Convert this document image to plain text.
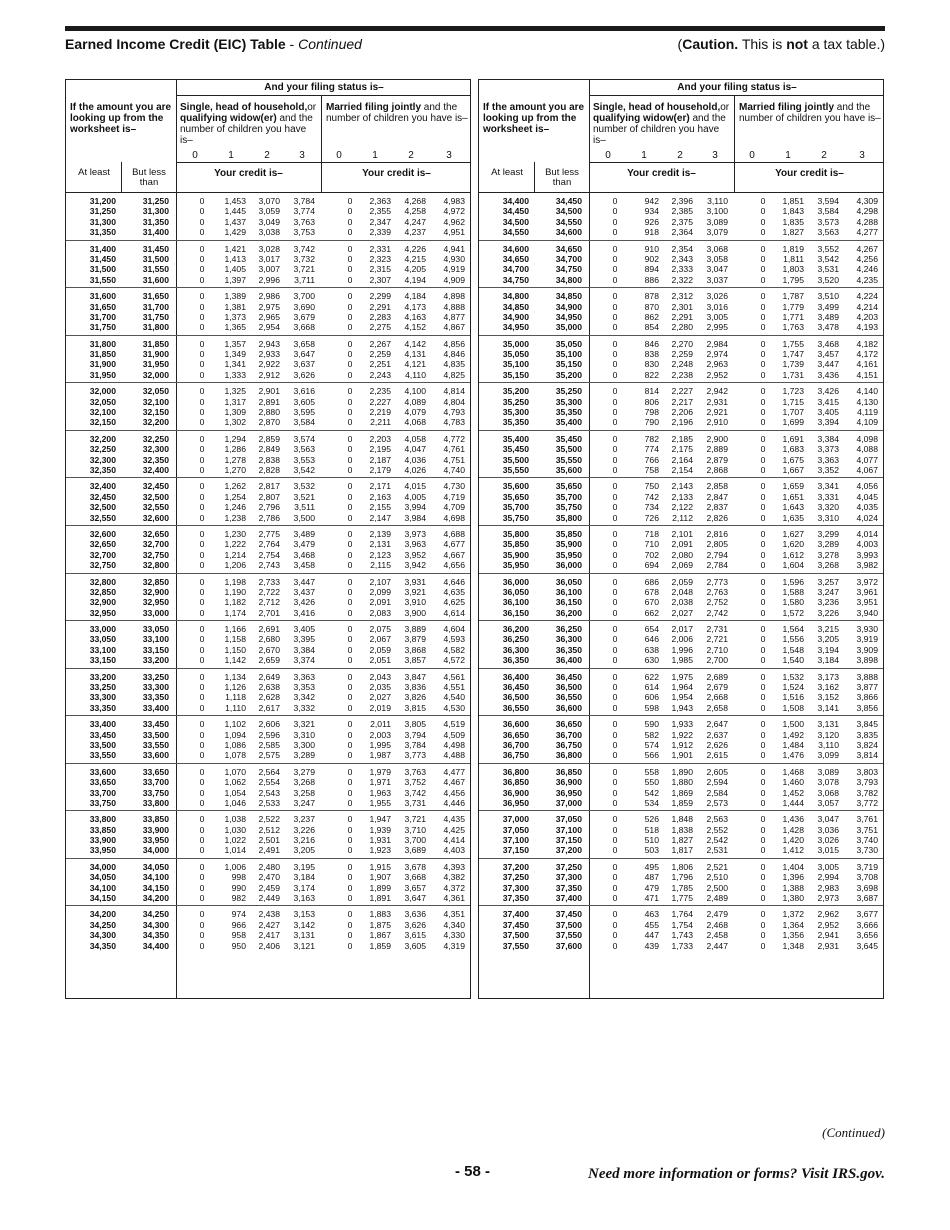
Earned Income Credit (EIC) Table - Continued	(Caution. This is not a tax table.)
And your filing status is–
If the amount you are looking up from the worksheet is–
Single, head of household,or qualifying widow(er) and the number of children you have is–
Married filing jointly and the number of children you have is–
0	1	2	3	0	1	2	3
At least	But less than
Your credit is–	Your credit is–
31,200	31,250	0	1,453	3,070	3,784	0	2,363	4,268	4,983
31,250	31,300	0	1,445	3,059	3,774	0	2,355	4,258	4,972
31,300	31,350	0	1,437	3,049	3,763	0	2,347	4,247	4,962
31,350	31,400	0	1,429	3,038	3,753	0	2,339	4,237	4,951
31,400	31,450	0	1,421	3,028	3,742	0	2,331	4,226	4,941
31,450	31,500	0	1,413	3,017	3,732	0	2,323	4,215	4,930
31,500	31,550	0	1,405	3,007	3,721	0	2,315	4,205	4,919
31,550	31,600	0	1,397	2,996	3,711	0	2,307	4,194	4,909
31,600	31,650	0	1,389	2,986	3,700	0	2,299	4,184	4,898
31,650	31,700	0	1,381	2,975	3,690	0	2,291	4,173	4,888
31,700	31,750	0	1,373	2,965	3,679	0	2,283	4,163	4,877
31,750	31,800	0	1,365	2,954	3,668	0	2,275	4,152	4,867
31,800	31,850	0	1,357	2,943	3,658	0	2,267	4,142	4,856
31,850	31,900	0	1,349	2,933	3,647	0	2,259	4,131	4,846
31,900	31,950	0	1,341	2,922	3,637	0	2,251	4,121	4,835
31,950	32,000	0	1,333	2,912	3,626	0	2,243	4,110	4,825
32,000	32,050	0	1,325	2,901	3,616	0	2,235	4,100	4,814
32,050	32,100	0	1,317	2,891	3,605	0	2,227	4,089	4,804
32,100	32,150	0	1,309	2,880	3,595	0	2,219	4,079	4,793
32,150	32,200	0	1,302	2,870	3,584	0	2,211	4,068	4,783
32,200	32,250	0	1,294	2,859	3,574	0	2,203	4,058	4,772
32,250	32,300	0	1,286	2,849	3,563	0	2,195	4,047	4,761
32,300	32,350	0	1,278	2,838	3,553	0	2,187	4,036	4,751
32,350	32,400	0	1,270	2,828	3,542	0	2,179	4,026	4,740
32,400	32,450	0	1,262	2,817	3,532	0	2,171	4,015	4,730
32,450	32,500	0	1,254	2,807	3,521	0	2,163	4,005	4,719
32,500	32,550	0	1,246	2,796	3,511	0	2,155	3,994	4,709
32,550	32,600	0	1,238	2,786	3,500	0	2,147	3,984	4,698
32,600	32,650	0	1,230	2,775	3,489	0	2,139	3,973	4,688
32,650	32,700	0	1,222	2,764	3,479	0	2,131	3,963	4,677
32,700	32,750	0	1,214	2,754	3,468	0	2,123	3,952	4,667
32,750	32,800	0	1,206	2,743	3,458	0	2,115	3,942	4,656
32,800	32,850	0	1,198	2,733	3,447	0	2,107	3,931	4,646
32,850	32,900	0	1,190	2,722	3,437	0	2,099	3,921	4,635
32,900	32,950	0	1,182	2,712	3,426	0	2,091	3,910	4,625
32,950	33,000	0	1,174	2,701	3,416	0	2,083	3,900	4,614
33,000	33,050	0	1,166	2,691	3,405	0	2,075	3,889	4,604
33,050	33,100	0	1,158	2,680	3,395	0	2,067	3,879	4,593
33,100	33,150	0	1,150	2,670	3,384	0	2,059	3,868	4,582
33,150	33,200	0	1,142	2,659	3,374	0	2,051	3,857	4,572
33,200	33,250	0	1,134	2,649	3,363	0	2,043	3,847	4,561
33,250	33,300	0	1,126	2,638	3,353	0	2,035	3,836	4,551
33,300	33,350	0	1,118	2,628	3,342	0	2,027	3,826	4,540
33,350	33,400	0	1,110	2,617	3,332	0	2,019	3,815	4,530
33,400	33,450	0	1,102	2,606	3,321	0	2,011	3,805	4,519
33,450	33,500	0	1,094	2,596	3,310	0	2,003	3,794	4,509
33,500	33,550	0	1,086	2,585	3,300	0	1,995	3,784	4,498
33,550	33,600	0	1,078	2,575	3,289	0	1,987	3,773	4,488
33,600	33,650	0	1,070	2,564	3,279	0	1,979	3,763	4,477
33,650	33,700	0	1,062	2,554	3,268	0	1,971	3,752	4,467
33,700	33,750	0	1,054	2,543	3,258	0	1,963	3,742	4,456
33,750	33,800	0	1,046	2,533	3,247	0	1,955	3,731	4,446
33,800	33,850	0	1,038	2,522	3,237	0	1,947	3,721	4,435
33,850	33,900	0	1,030	2,512	3,226	0	1,939	3,710	4,425
33,900	33,950	0	1,022	2,501	3,216	0	1,931	3,700	4,414
33,950	34,000	0	1,014	2,491	3,205	0	1,923	3,689	4,403
34,000	34,050	0	1,006	2,480	3,195	0	1,915	3,678	4,393
34,050	34,100	0	998	2,470	3,184	0	1,907	3,668	4,382
34,100	34,150	0	990	2,459	3,174	0	1,899	3,657	4,372
34,150	34,200	0	982	2,449	3,163	0	1,891	3,647	4,361
34,200	34,250	0	974	2,438	3,153	0	1,883	3,636	4,351
34,250	34,300	0	966	2,427	3,142	0	1,875	3,626	4,340
34,300	34,350	0	958	2,417	3,131	0	1,867	3,615	4,330
34,350	34,400	0	950	2,406	3,121	0	1,859	3,605	4,319
And your filing status is–
If the amount you are looking up from the worksheet is–
Single, head of household,or qualifying widow(er) and the number of children you have is–
Married filing jointly and the number of children you have is–
0	1	2	3	0	1	2	3
At least	But less than
Your credit is–	Your credit is–
34,400	34,450	0	942	2,396	3,110	0	1,851	3,594	4,309
34,450	34,500	0	934	2,385	3,100	0	1,843	3,584	4,298
34,500	34,550	0	926	2,375	3,089	0	1,835	3,573	4,288
34,550	34,600	0	918	2,364	3,079	0	1,827	3,563	4,277
34,600	34,650	0	910	2,354	3,068	0	1,819	3,552	4,267
34,650	34,700	0	902	2,343	3,058	0	1,811	3,542	4,256
34,700	34,750	0	894	2,333	3,047	0	1,803	3,531	4,246
34,750	34,800	0	886	2,322	3,037	0	1,795	3,520	4,235
34,800	34,850	0	878	2,312	3,026	0	1,787	3,510	4,224
34,850	34,900	0	870	2,301	3,016	0	1,779	3,499	4,214
34,900	34,950	0	862	2,291	3,005	0	1,771	3,489	4,203
34,950	35,000	0	854	2,280	2,995	0	1,763	3,478	4,193
35,000	35,050	0	846	2,270	2,984	0	1,755	3,468	4,182
35,050	35,100	0	838	2,259	2,974	0	1,747	3,457	4,172
35,100	35,150	0	830	2,248	2,963	0	1,739	3,447	4,161
35,150	35,200	0	822	2,238	2,952	0	1,731	3,436	4,151
35,200	35,250	0	814	2,227	2,942	0	1,723	3,426	4,140
35,250	35,300	0	806	2,217	2,931	0	1,715	3,415	4,130
35,300	35,350	0	798	2,206	2,921	0	1,707	3,405	4,119
35,350	35,400	0	790	2,196	2,910	0	1,699	3,394	4,109
35,400	35,450	0	782	2,185	2,900	0	1,691	3,384	4,098
35,450	35,500	0	774	2,175	2,889	0	1,683	3,373	4,088
35,500	35,550	0	766	2,164	2,879	0	1,675	3,363	4,077
35,550	35,600	0	758	2,154	2,868	0	1,667	3,352	4,067
35,600	35,650	0	750	2,143	2,858	0	1,659	3,341	4,056
35,650	35,700	0	742	2,133	2,847	0	1,651	3,331	4,045
35,700	35,750	0	734	2,122	2,837	0	1,643	3,320	4,035
35,750	35,800	0	726	2,112	2,826	0	1,635	3,310	4,024
35,800	35,850	0	718	2,101	2,816	0	1,627	3,299	4,014
35,850	35,900	0	710	2,091	2,805	0	1,620	3,289	4,003
35,900	35,950	0	702	2,080	2,794	0	1,612	3,278	3,993
35,950	36,000	0	694	2,069	2,784	0	1,604	3,268	3,982
36,000	36,050	0	686	2,059	2,773	0	1,596	3,257	3,972
36,050	36,100	0	678	2,048	2,763	0	1,588	3,247	3,961
36,100	36,150	0	670	2,038	2,752	0	1,580	3,236	3,951
36,150	36,200	0	662	2,027	2,742	0	1,572	3,226	3,940
36,200	36,250	0	654	2,017	2,731	0	1,564	3,215	3,930
36,250	36,300	0	646	2,006	2,721	0	1,556	3,205	3,919
36,300	36,350	0	638	1,996	2,710	0	1,548	3,194	3,909
36,350	36,400	0	630	1,985	2,700	0	1,540	3,184	3,898
36,400	36,450	0	622	1,975	2,689	0	1,532	3,173	3,888
36,450	36,500	0	614	1,964	2,679	0	1,524	3,162	3,877
36,500	36,550	0	606	1,954	2,668	0	1,516	3,152	3,866
36,550	36,600	0	598	1,943	2,658	0	1,508	3,141	3,856
36,600	36,650	0	590	1,933	2,647	0	1,500	3,131	3,845
36,650	36,700	0	582	1,922	2,637	0	1,492	3,120	3,835
36,700	36,750	0	574	1,912	2,626	0	1,484	3,110	3,824
36,750	36,800	0	566	1,901	2,615	0	1,476	3,099	3,814
36,800	36,850	0	558	1,890	2,605	0	1,468	3,089	3,803
36,850	36,900	0	550	1,880	2,594	0	1,460	3,078	3,793
36,900	36,950	0	542	1,869	2,584	0	1,452	3,068	3,782
36,950	37,000	0	534	1,859	2,573	0	1,444	3,057	3,772
37,000	37,050	0	526	1,848	2,563	0	1,436	3,047	3,761
37,050	37,100	0	518	1,838	2,552	0	1,428	3,036	3,751
37,100	37,150	0	510	1,827	2,542	0	1,420	3,026	3,740
37,150	37,200	0	503	1,817	2,531	0	1,412	3,015	3,730
37,200	37,250	0	495	1,806	2,521	0	1,404	3,005	3,719
37,250	37,300	0	487	1,796	2,510	0	1,396	2,994	3,708
37,300	37,350	0	479	1,785	2,500	0	1,388	2,983	3,698
37,350	37,400	0	471	1,775	2,489	0	1,380	2,973	3,687
37,400	37,450	0	463	1,764	2,479	0	1,372	2,962	3,677
37,450	37,500	0	455	1,754	2,468	0	1,364	2,952	3,666
37,500	37,550	0	447	1,743	2,458	0	1,356	2,941	3,656
37,550	37,600	0	439	1,733	2,447	0	1,348	2,931	3,645
(Continued)
- 58 -	Need more information or forms? Visit IRS.gov.
